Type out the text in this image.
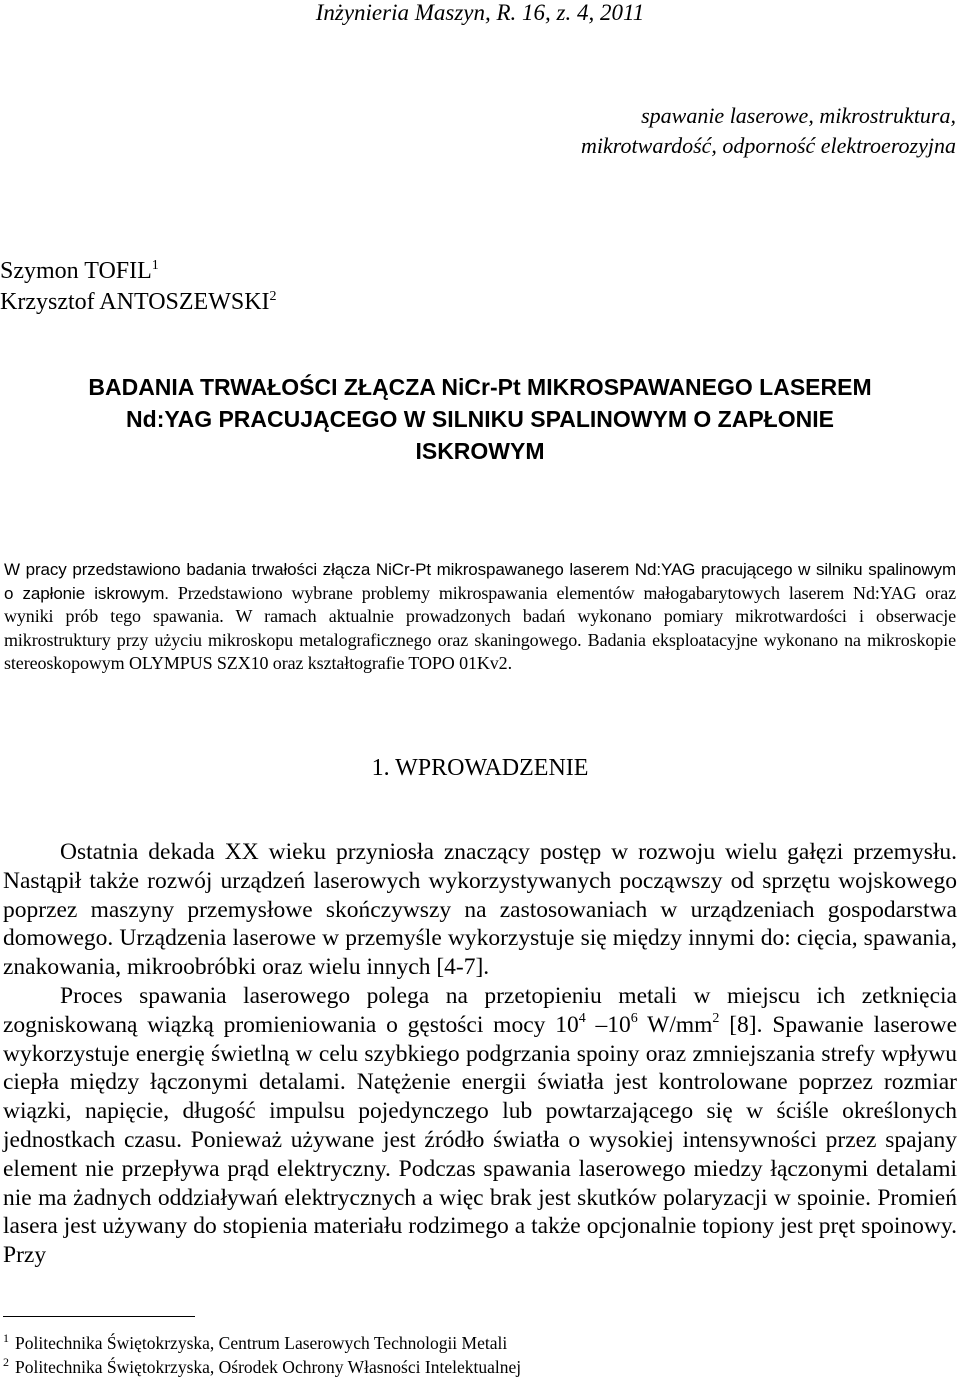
Inżynieria Maszyn, R. 16, z. 4, 2011
spawanie laserowe, mikrostruktura,
mikrotwardość, odporność elektroerozyjna
Szymon TOFIL$^1$
Krzysztof ANTOSZEWSKI$^2$
BADANIA TRWAŁOŚCI ZŁĄCZA NiCr-Pt MIKROSPAWANEGO LASEREM
Nd:YAG PRACUJĄCEGO W SILNIKU SPALINOWYM O ZAPŁONIE
ISKROWYM
W pracy przedstawiono badania trwałości złącza NiCr-Pt mikrospawanego laserem Nd:YAG pracującego w silniku spalinowym o zapłonie iskrowym. Przedstawiono wybrane problemy mikrospawania elementów małogabarytowych laserem Nd:YAG oraz wyniki prób tego spawania. W ramach aktualnie prowadzonych badań wykonano pomiary mikrotwardości i obserwacje mikrostruktury przy użyciu mikroskopu metalograficznego oraz skaningowego. Badania eksploatacyjne wykonano na mikroskopie stereoskopowym OLYMPUS SZX10 oraz kształtografie TOPO 01Kv2.
1. WPROWADZENIE

Ostatnia dekada XX wieku przyniosła znaczący postęp w rozwoju wielu gałęzi przemysłu. Nastąpił także rozwój urządzeń laserowych wykorzystywanych począwszy od sprzętu wojskowego poprzez maszyny przemysłowe skończywszy na zastosowaniach w urządzeniach gospodarstwa domowego. Urządzenia laserowe w przemyśle wykorzystuje się między innymi do: cięcia, spawania, znakowania, mikroobróbki oraz wielu innych [4-7].

Proces spawania laserowego polega na przetopieniu metali w miejscu ich zetknięcia zogniskowaną wiązką promieniowania o gęstości mocy $10^4$ $-10^6$ $W/mm^2$ [8]. Spawanie laserowe wykorzystuje energię świetlną w celu szybkiego podgrzania spoiny oraz zmniejszania strefy wpływu ciepła między łączonymi detalami. Natężenie energii światła jest kontrolowane poprzez rozmiar wiązki, napięcie, długość impulsu pojedynczego lub powtarzającego się w ściśle określonych jednostkach czasu. Ponieważ używane jest źródło światła o wysokiej intensywności przez spajany element nie przepływa prąd elektryczny. Podczas spawania laserowego miedzy łączonymi detalami nie ma żadnych oddziaływań elektrycznych a więc brak jest skutków polaryzacji w spoinie. Promień lasera jest używany do stopienia materiału rodzimego a także opcjonalnie topiony jest pręt spoinowy. Przy

$^1$ Politechnika Świętokrzyska, Centrum Laserowych Technologii Metali
$^2$ Politechnika Świętokrzyska, Ośrodek Ochrony Własności Intelektualnej
